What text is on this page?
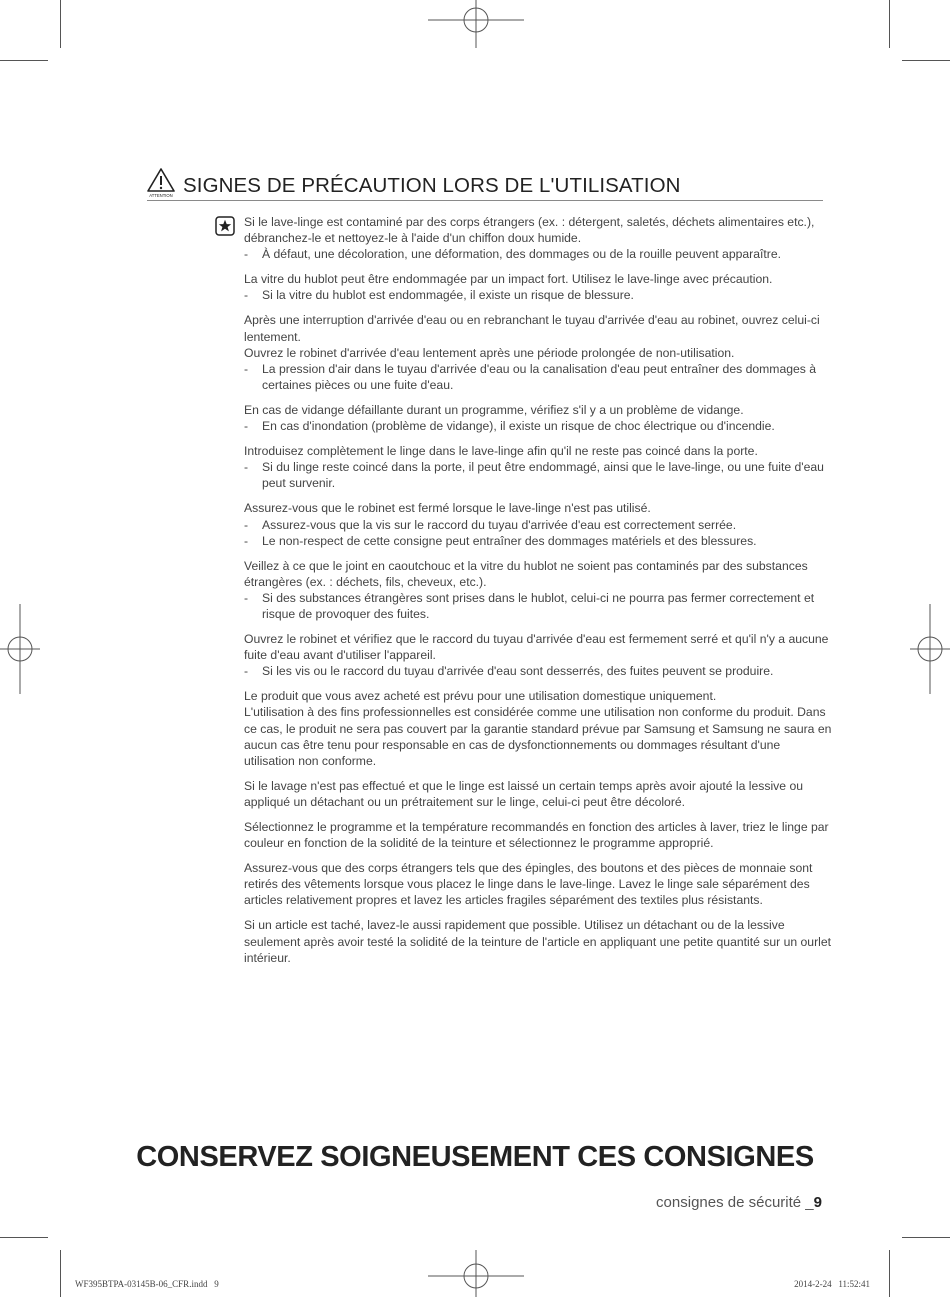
ATTENTION SIGNES DE PRÉCAUTION LORS DE L'UTILISATION

Si le lave-linge est contaminé par des corps étrangers (ex. : détergent, saletés, déchets alimentaires etc.), débranchez-le et nettoyez-le à l'aide d'un chiffon doux humide.

-	À défaut, une décoloration, une déformation, des dommages ou de la rouille peuvent apparaître.

La vitre du hublot peut être endommagée par un impact fort. Utilisez le lave-linge avec précaution.

-	Si la vitre du hublot est endommagée, il existe un risque de blessure.

Après une interruption d'arrivée d'eau ou en rebranchant le tuyau d'arrivée d'eau au robinet, ouvrez celui-ci lentement.

Ouvrez le robinet d'arrivée d'eau lentement après une période prolongée de non-utilisation.

-	La pression d'air dans le tuyau d'arrivée d'eau ou la canalisation d'eau peut entraîner des dommages à certaines pièces ou une fuite d'eau.

En cas de vidange défaillante durant un programme, vérifiez s'il y a un problème de vidange.

-	En cas d'inondation (problème de vidange), il existe un risque de choc électrique ou d'incendie.

Introduisez complètement le linge dans le lave-linge afin qu'il ne reste pas coincé dans la porte.

-	Si du linge reste coincé dans la porte, il peut être endommagé, ainsi que le lave-linge, ou une fuite d'eau peut survenir.

Assurez-vous que le robinet est fermé lorsque le lave-linge n'est pas utilisé.

-	Assurez-vous que la vis sur le raccord du tuyau d'arrivée d'eau est correctement serrée.
-	Le non-respect de cette consigne peut entraîner des dommages matériels et des blessures.

Veillez à ce que le joint en caoutchouc et la vitre du hublot ne soient pas contaminés par des substances étrangères (ex. : déchets, fils, cheveux, etc.).

-	Si des substances étrangères sont prises dans le hublot, celui-ci ne pourra pas fermer correctement et risque de provoquer des fuites.

Ouvrez le robinet et vérifiez que le raccord du tuyau d'arrivée d'eau est fermement serré et qu'il n'y a aucune fuite d'eau avant d'utiliser l'appareil.

-	Si les vis ou le raccord du tuyau d'arrivée d'eau sont desserrés, des fuites peuvent se produire.

Le produit que vous avez acheté est prévu pour une utilisation domestique uniquement.

L'utilisation à des fins professionnelles est considérée comme une utilisation non conforme du produit. Dans ce cas, le produit ne sera pas couvert par la garantie standard prévue par Samsung et Samsung ne saura en aucun cas être tenu pour responsable en cas de dysfonctionnements ou dommages résultant d'une utilisation non conforme.

Si le lavage n'est pas effectué et que le linge est laissé un certain temps après avoir ajouté la lessive ou appliqué un détachant ou un prétraitement sur le linge, celui-ci peut être décoloré.

Sélectionnez le programme et la température recommandés en fonction des articles à laver, triez le linge par couleur en fonction de la solidité de la teinture et sélectionnez le programme approprié.

Assurez-vous que des corps étrangers tels que des épingles, des boutons et des pièces de monnaie sont retirés des vêtements lorsque vous placez le linge dans le lave-linge. Lavez le linge sale séparément des articles relativement propres et lavez les articles fragiles séparément des textiles plus résistants.

Si un article est taché, lavez-le aussi rapidement que possible. Utilisez un détachant ou de la lessive seulement après avoir testé la solidité de la teinture de l'article en appliquant une petite quantité sur un ourlet intérieur.

CONSERVEZ SOIGNEUSEMENT CES CONSIGNES
consignes de sécurité _9
WF395BTPA-03145B-06_CFR.indd   9	2014-2-24   11:52:41
